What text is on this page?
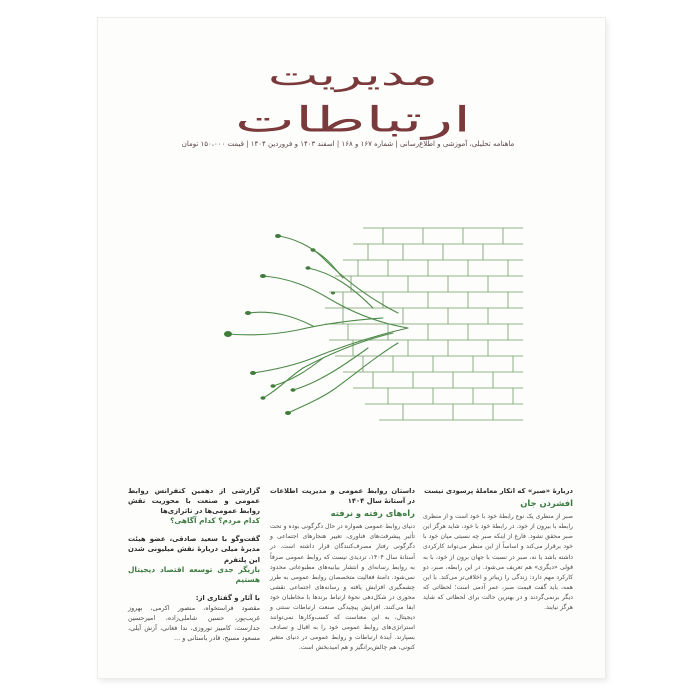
مدیریت
ارتباطات
ماهنامه تحلیلی، آموزشی و اطلاع‌رسانی | شماره ۱۶۷ و ۱۶۸ | اسفند ۱۴۰۳ و فروردین ۱۴۰۴ | قیمت ۱۵۰،۰۰۰ تومان
دربارهٔ «صبر» که انکار معاملهٔ پرسودی نیست
افشردن جان
صبر از منظری یک نوع رابطهٔ خود با خود است و از منظری رابطه با بیرون از خود. در رابطهٔ خود با خود، شاید هرگز این صبر محقق نشود. فارغ از اینکه صبر چه نسبتی میان خود با خود برقرار می‌کند و اساساً از این منظر می‌تواند کارکردی داشته باشد یا نه، صبر در نسبت با جهان برون از خود، با به قولی «دیگری» هم تعریف می‌شود. در این رابطه، صبر، دو کارکرد مهم دارد: زندگی را زیباتر و اخلاقی‌تر می‌کند. با این همه، باید گفت قیمت صبر، عمر آدمی است؛ لحظاتی که دیگر برنمی‌گردند و در بهترین حالت برای لحظاتی که شاید هرگز نیایند.
داستان روابط عمومی و مدیریت اطلاعات در آستانهٔ سال ۱۴۰۴
راه‌های رفته و نرفته
دنیای روابط عمومی همواره در حال دگرگونی بوده و تحت تأثیر پیشرفت‌های فناوری، تغییر هنجارهای اجتماعی و دگرگونی رفتار مصرف‌کنندگان قرار داشته است. در آستانهٔ سال ۱۴۰۴، تردیدی نیست که روابط عمومی صرفاً به روابط رسانه‌ای و انتشار بیانیه‌های مطبوعاتی محدود نمی‌شود. دامنهٔ فعالیت متخصصان روابط عمومی به طرز چشمگیری افزایش یافته و رسانه‌های اجتماعی نقشی محوری در شکل‌دهی نحوهٔ ارتباط برندها با مخاطبان خود ایفا می‌کنند. افزایش پیچیدگی صنعت ارتباطات سنتی و دیجیتال، به این معناست که کسب‌وکارها نمی‌توانند استراتژی‌های روابط عمومی خود را به اقبال و تصادف بسپارند. آیندهٔ ارتباطات و روابط عمومی در دنیای متغیر کنونی، هم چالش‌برانگیز و هم امیدبخش است.
گزارشی از دهمین کنفرانس روابط عمومی و صنعت با محوریت نقش روابط عمومی‌ها در ناترازی‌ها
کدام مردم؟ کدام آگاهی؟
گفت‌وگو با سعید صادقی، عضو هیئت مدیرهٔ میلی دربارهٔ نقش میلیونی شدن این پلتفرم
بازیگر جدی توسعه اقتصاد دیجیتال هستیم
با آثار و گفتاری از:
مقصود فراستخواه، منصور اکرمی، بهروز غریب‌پور، حسین شاملی‌زاده، امیرحسین جدارست، کامبیز نوروزی، ندا فغانی، آرش آیلی، مسعود مسیح، قادر باستانی و ...
